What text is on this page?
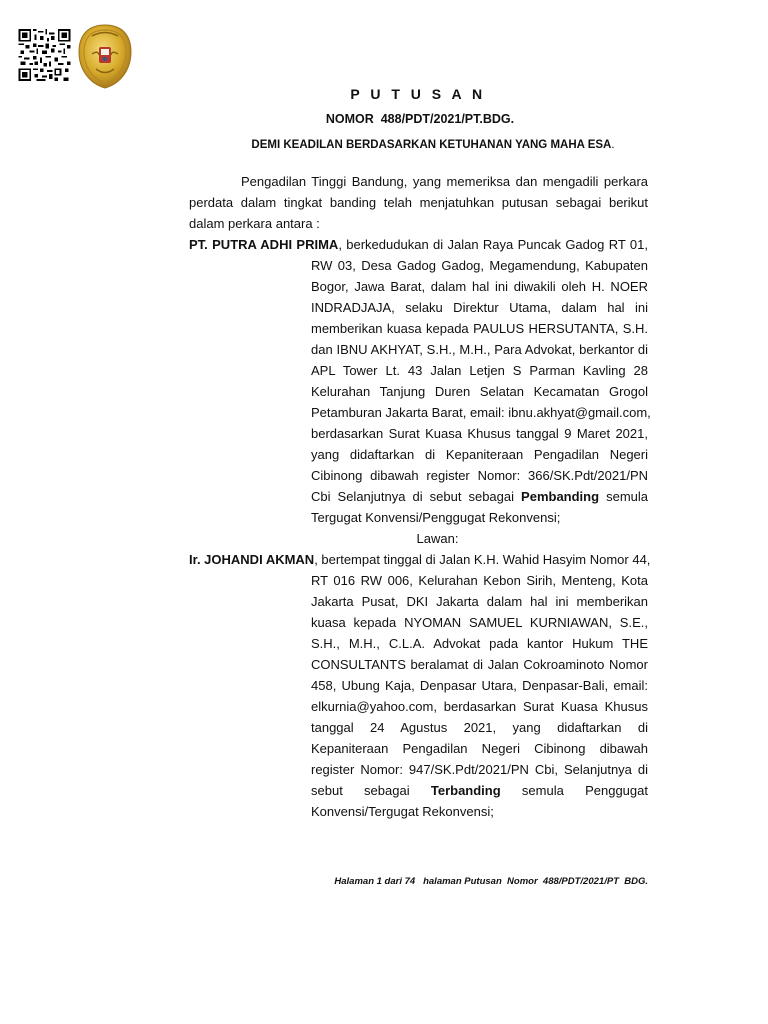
P U T U S A N
NOMOR  488/PDT/2021/PT.BDG.
DEMI KEADILAN BERDASARKAN KETUHANAN YANG MAHA ESA.
Pengadilan Tinggi Bandung, yang memeriksa dan mengadili perkara
perdata dalam tingkat banding telah menjatuhkan putusan sebagai berikut
dalam perkara antara :
PT. PUTRA ADHI PRIMA, berkedudukan di Jalan Raya Puncak Gadog RT 01,
RW 03, Desa Gadog Gadog, Megamendung, Kabupaten
Bogor, Jawa Barat, dalam hal ini diwakili oleh H. NOER
INDRADJAJA, selaku Direktur Utama, dalam hal ini
memberikan kuasa kepada PAULUS HERSUTANTA, S.H.
dan IBNU AKHYAT, S.H., M.H., Para Advokat, berkantor di
APL Tower Lt. 43 Jalan Letjen S Parman Kavling 28
Kelurahan Tanjung Duren Selatan Kecamatan Grogol
Petamburan Jakarta Barat, email: ibnu.akhyat@gmail.com,
berdasarkan Surat Kuasa Khusus tanggal 9 Maret 2021,
yang didaftarkan di Kepaniteraan Pengadilan Negeri
Cibinong dibawah register Nomor: 366/SK.Pdt/2021/PN
Cbi Selanjutnya di sebut sebagai Pembanding semula
Tergugat Konvensi/Penggugat Rekonvensi;
Lawan:
Ir. JOHANDI AKMAN, bertempat tinggal di Jalan K.H. Wahid Hasyim Nomor 44,
RT 016 RW 006, Kelurahan Kebon Sirih, Menteng, Kota
Jakarta Pusat, DKI Jakarta dalam hal ini memberikan
kuasa kepada NYOMAN SAMUEL KURNIAWAN, S.E.,
S.H., M.H., C.L.A. Advokat pada kantor Hukum THE
CONSULTANTS beralamat di Jalan Cokroaminoto Nomor
458, Ubung Kaja, Denpasar Utara, Denpasar-Bali, email:
elkurnia@yahoo.com, berdasarkan Surat Kuasa Khusus
tanggal 24 Agustus 2021, yang didaftarkan di
Kepaniteraan Pengadilan Negeri Cibinong dibawah
register Nomor: 947/SK.Pdt/2021/PN Cbi, Selanjutnya di
sebut sebagai Terbanding semula Penggugat
Konvensi/Tergugat Rekonvensi;
Halaman 1 dari 74   halaman Putusan  Nomor  488/PDT/2021/PT  BDG.
